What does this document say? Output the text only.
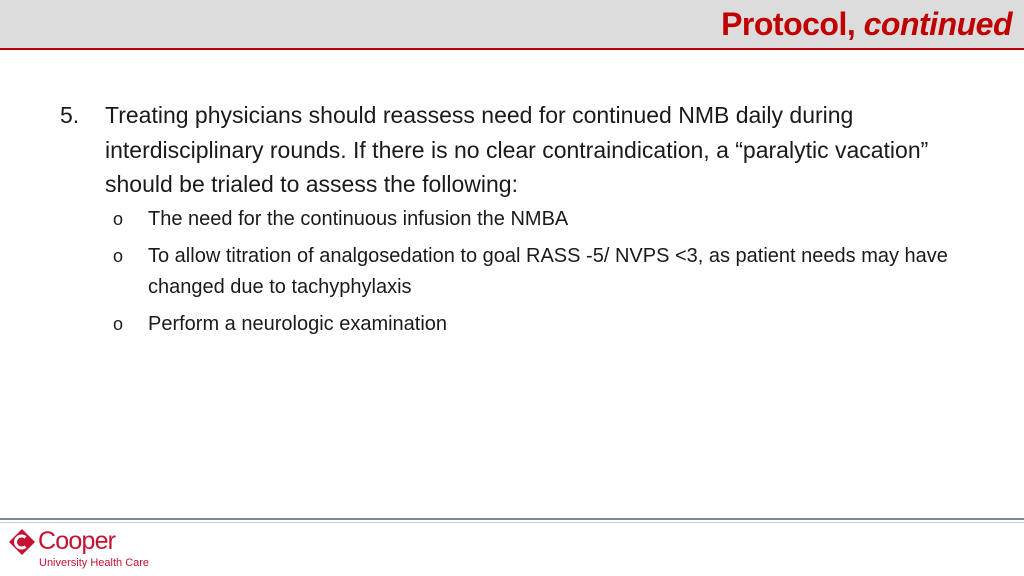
Protocol, continued
5.	Treating physicians should reassess need for continued NMB daily during interdisciplinary rounds. If there is no clear contraindication, a “paralytic vacation” should be trialed to assess the following:
o	The need for the continuous infusion the NMBA
o	To allow titration of analgosedation to goal RASS -5/ NVPS <3, as patient needs may have changed due to tachyphylaxis
o	Perform a neurologic examination
Cooper
University Health Care
